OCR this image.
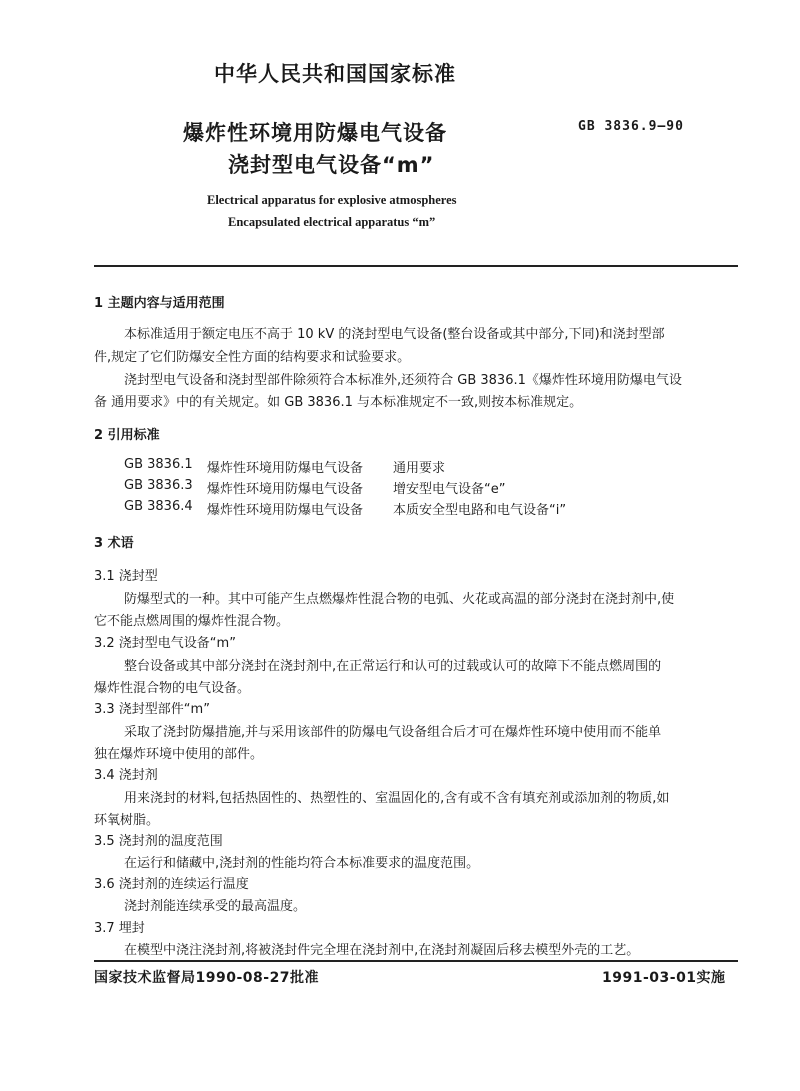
中华人民共和国国家标准
爆炸性环境用防爆电气设备
浇封型电气设备“m”
GB 3836.9—90
Electrical apparatus for explosive atmospheres
Encapsulated electrical apparatus “m”
1 主题内容与适用范围
本标准适用于额定电压不高于 10 kV 的浇封型电气设备(整台设备或其中部分,下同)和浇封型部
件,规定了它们防爆安全性方面的结构要求和试验要求。
浇封型电气设备和浇封型部件除须符合本标准外,还须符合 GB 3836.1《爆炸性环境用防爆电气设
备 通用要求》中的有关规定。如 GB 3836.1 与本标准规定不一致,则按本标准规定。
2 引用标准
GB 3836.1	爆炸性环境用防爆电气设备 通用要求
GB 3836.3	爆炸性环境用防爆电气设备 增安型电气设备“e”
GB 3836.4	爆炸性环境用防爆电气设备 本质安全型电路和电气设备“i”
3 术语
3.1 浇封型
防爆型式的一种。其中可能产生点燃爆炸性混合物的电弧、火花或高温的部分浇封在浇封剂中,使
它不能点燃周围的爆炸性混合物。
3.2 浇封型电气设备“m”
整台设备或其中部分浇封在浇封剂中,在正常运行和认可的过载或认可的故障下不能点燃周围的
爆炸性混合物的电气设备。
3.3 浇封型部件“m”
采取了浇封防爆措施,并与采用该部件的防爆电气设备组合后才可在爆炸性环境中使用而不能单
独在爆炸环境中使用的部件。
3.4 浇封剂
用来浇封的材料,包括热固性的、热塑性的、室温固化的,含有或不含有填充剂或添加剂的物质,如
环氧树脂。
3.5 浇封剂的温度范围
在运行和储藏中,浇封剂的性能均符合本标准要求的温度范围。
3.6 浇封剂的连续运行温度
浇封剂能连续承受的最高温度。
3.7 埋封
在模型中浇注浇封剂,将被浇封件完全埋在浇封剂中,在浇封剂凝固后移去模型外壳的工艺。
国家技术监督局1990-08-27批准	1991-03-01实施
